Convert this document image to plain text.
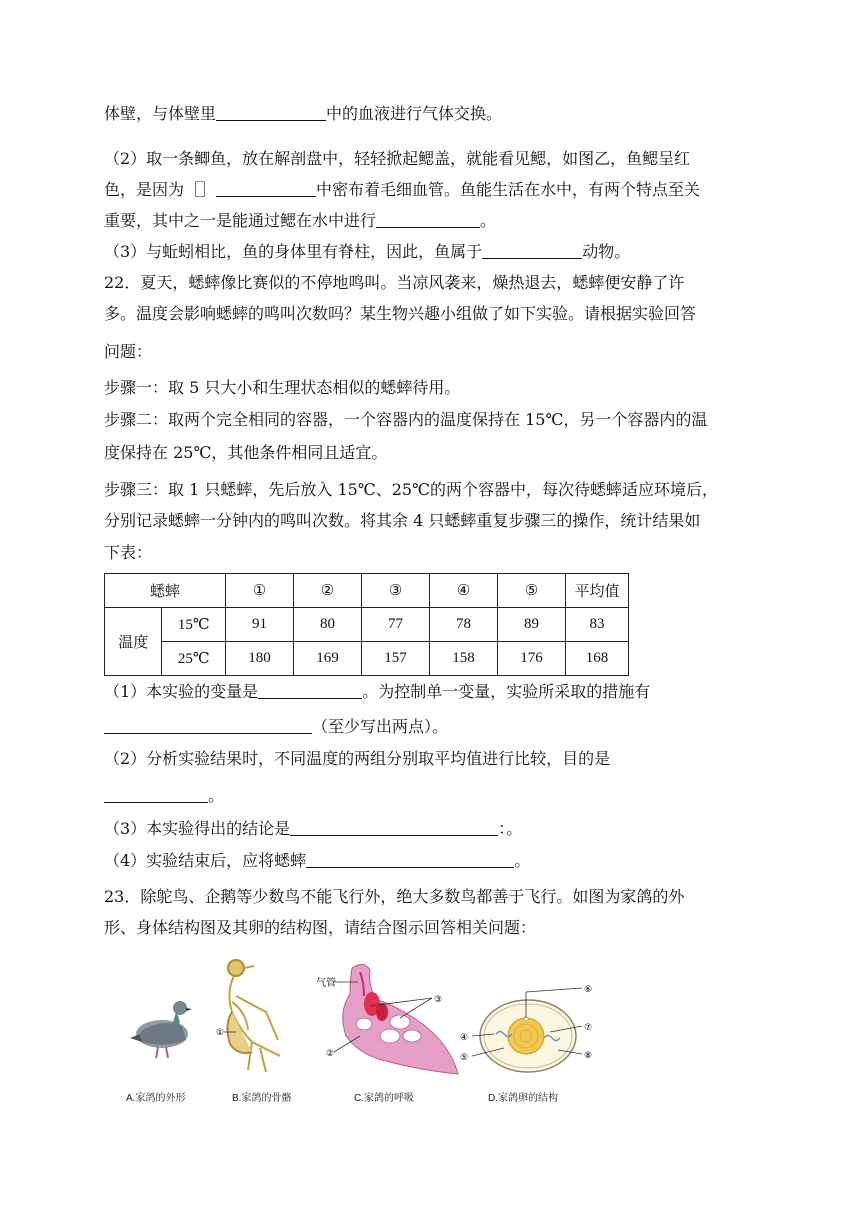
体壁，与体壁里	中的血液进行气体交换。
（2）取一条鲫鱼，放在解剖盘中，轻轻掀起鳃盖，就能看见鳃，如图乙，鱼鳃呈红
色，是因为［］	中密布着毛细血管。鱼能生活在水中，有两个特点至关
重要，其中之一是能通过鳃在水中进行	。
（3）与蚯蚓相比，鱼的身体里有脊柱，因此，鱼属于	动物。
22．夏天，蟋蟀像比赛似的不停地鸣叫。当凉风袭来，燥热退去，蟋蟀便安静了许
多。温度会影响蟋蟀的鸣叫次数吗？某生物兴趣小组做了如下实验。请根据实验回答
问题：
步骤一：取 5 只大小和生理状态相似的蟋蟀待用。
步骤二：取两个完全相同的容器，一个容器内的温度保持在 15℃，另一个容器内的温
度保持在 25℃，其他条件相同且适宜。
步骤三：取 1 只蟋蟀，先后放入 15℃、25℃的两个容器中，每次待蟋蟀适应环境后，
分别记录蟋蟀一分钟内的鸣叫次数。将其余 4 只蟋蟀重复步骤三的操作，统计结果如
下表：
蟋蟀		①	②	③	④	⑤	平均值
温度	15℃	91	80	77	78	89	83
	25℃	180	169	157	158	176	168
（1）本实验的变量是	。为控制单一变量，实验所采取的措施有
（至少写出两点）。
（2）分析实验结果时，不同温度的两组分别取平均值进行比较，目的是
。
（3）本实验得出的结论是	：。
（4）实验结束后，应将蟋蟀	。
23．除鸵鸟、企鹅等少数鸟不能飞行外，绝大多数鸟都善于飞行。如图为家鸽的外
形、身体结构图及其卵的结构图，请结合图示回答相关问题：
①
气管
③
②
⑥
⑦
⑧
④
⑤
A.家鸽的外形	B.家鸽的骨骼	C.家鸽的呼吸	D.家鸽卵的结构
